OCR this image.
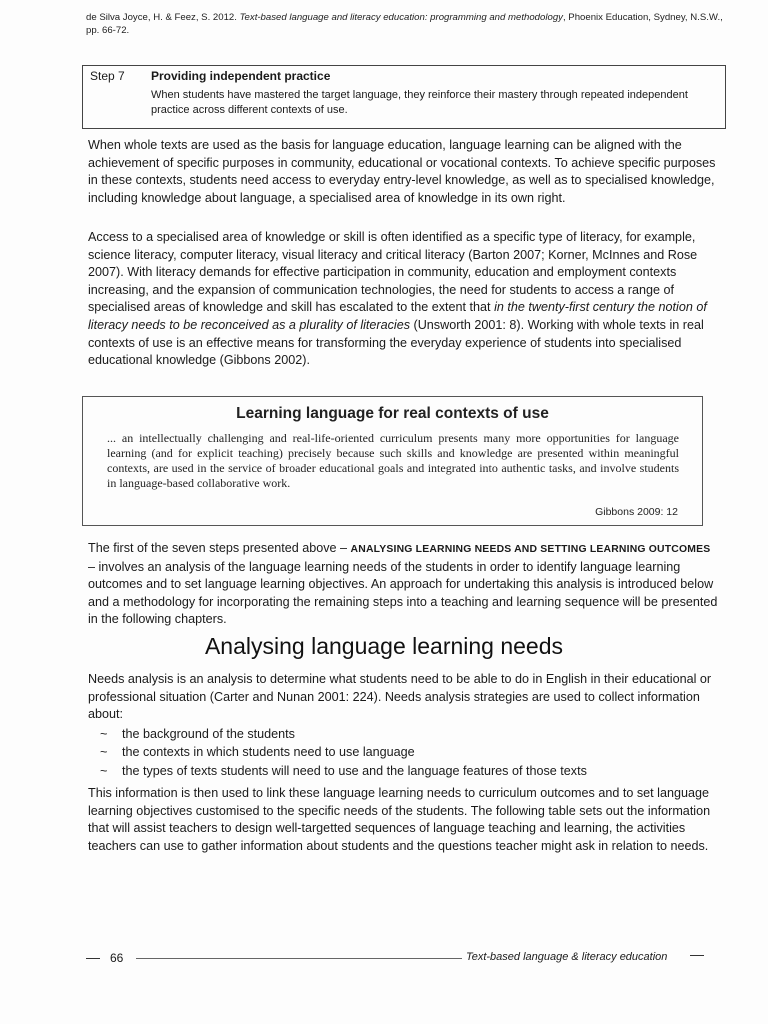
de Silva Joyce, H. & Feez, S. 2012. Text-based language and literacy education: programming and methodology, Phoenix Education, Sydney, N.S.W., pp. 66-72.
Step 7 Providing independent practice
When students have mastered the target language, they reinforce their mastery through repeated independent practice across different contexts of use.
When whole texts are used as the basis for language education, language learning can be aligned with the achievement of specific purposes in community, educational or vocational contexts. To achieve specific purposes in these contexts, students need access to everyday entry-level knowledge, as well as to specialised knowledge, including knowledge about language, a specialised area of knowledge in its own right.
Access to a specialised area of knowledge or skill is often identified as a specific type of literacy, for example, science literacy, computer literacy, visual literacy and critical literacy (Barton 2007; Korner, McInnes and Rose 2007). With literacy demands for effective participation in community, education and employment contexts increasing, and the expansion of communication technologies, the need for students to access a range of specialised areas of knowledge and skill has escalated to the extent that in the twenty-first century the notion of literacy needs to be reconceived as a plurality of literacies (Unsworth 2001: 8). Working with whole texts in real contexts of use is an effective means for transforming the everyday experience of students into specialised educational knowledge (Gibbons 2002).
Learning language for real contexts of use
... an intellectually challenging and real-life-oriented curriculum presents many more opportunities for language learning (and for explicit teaching) precisely because such skills and knowledge are presented within meaningful contexts, are used in the service of broader educational goals and integrated into authentic tasks, and involve students in language-based collaborative work.
Gibbons 2009: 12
The first of the seven steps presented above – ANALYSING LEARNING NEEDS AND SETTING LEARNING OUTCOMES – involves an analysis of the language learning needs of the students in order to identify language learning outcomes and to set language learning objectives. An approach for undertaking this analysis is introduced below and a methodology for incorporating the remaining steps into a teaching and learning sequence will be presented in the following chapters.
Analysing language learning needs
Needs analysis is an analysis to determine what students need to be able to do in English in their educational or professional situation (Carter and Nunan 2001: 224). Needs analysis strategies are used to collect information about:
~ the background of the students
~ the contexts in which students need to use language
~ the types of texts students will need to use and the language features of those texts
This information is then used to link these language learning needs to curriculum outcomes and to set language learning objectives customised to the specific needs of the students. The following table sets out the information that will assist teachers to design well-targetted sequences of language teaching and learning, the activities teachers can use to gather information about students and the questions teacher might ask in relation to needs.
66	Text-based language & literacy education
